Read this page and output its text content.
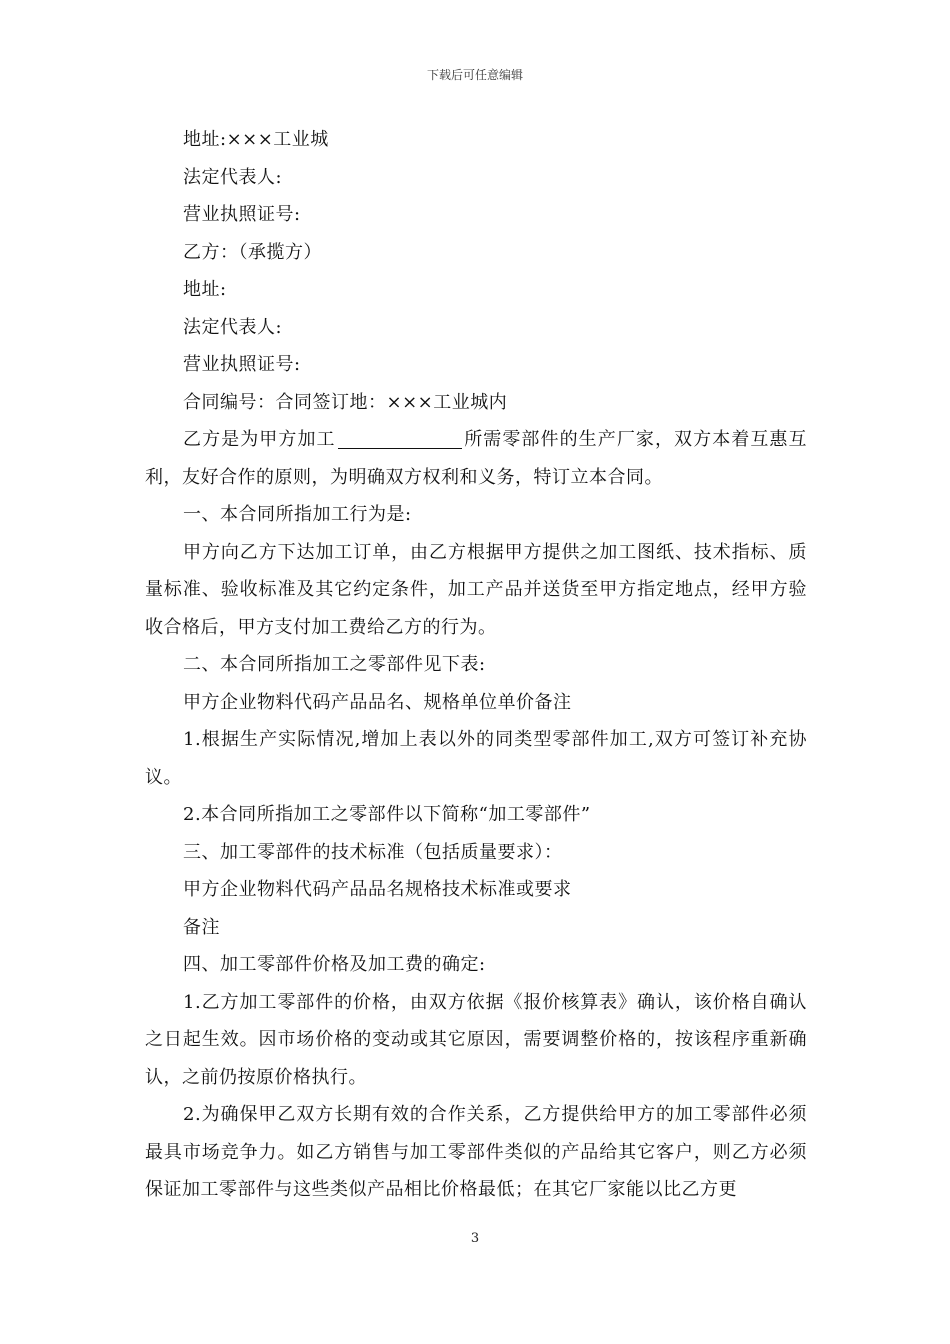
下载后可任意编辑

地址:×××工业城

法定代表人:

营业执照证号:

乙方：（承揽方）

地址:

法定代表人:

营业执照证号:

合同编号：合同签订地：×××工业城内

乙方是为甲方加工	所需零部件的生产厂家，双方本着互惠互利，友好合作的原则，为明确双方权利和义务，特订立本合同。

一、本合同所指加工行为是:

甲方向乙方下达加工订单，由乙方根据甲方提供之加工图纸、技术指标、质量标准、验收标准及其它约定条件，加工产品并送货至甲方指定地点，经甲方验收合格后，甲方支付加工费给乙方的行为。

二、本合同所指加工之零部件见下表:

甲方企业物料代码产品品名、规格单位单价备注

1.根据生产实际情况,增加上表以外的同类型零部件加工,双方可签订补充协议。

2.本合同所指加工之零部件以下简称“加工零部件”

三、加工零部件的技术标准（包括质量要求）：

甲方企业物料代码产品品名规格技术标准或要求

备注

四、加工零部件价格及加工费的确定:

1.乙方加工零部件的价格，由双方依据《报价核算表》确认，该价格自确认之日起生效。因市场价格的变动或其它原因，需要调整价格的，按该程序重新确认，之前仍按原价格执行。

2.为确保甲乙双方长期有效的合作关系，乙方提供给甲方的加工零部件必须最具市场竞争力。如乙方销售与加工零部件类似的产品给其它客户，则乙方必须保证加工零部件与这些类似产品相比价格最低；在其它厂家能以比乙方更

3
